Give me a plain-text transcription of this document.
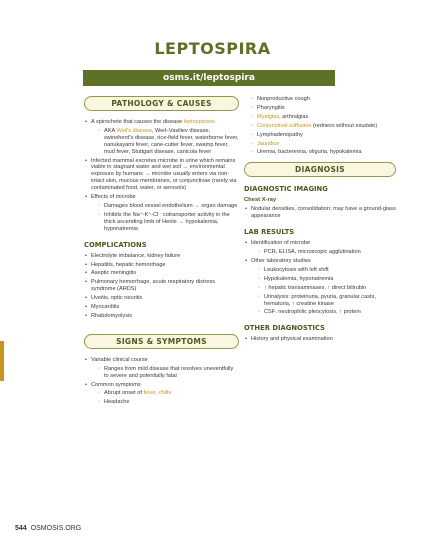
LEPTOSPIRA
osms.it/leptospira
PATHOLOGY & CAUSES
• A spirochete that causes the disease leptospirosis
◦ AKA Weil's disease, Weil–Vasiliev disease, swineherd's disease, rice-field fever, waterborne fever, nanukayami fever, cane-cutter fever, swamp fever, mud fever, Stuttgart disease, canicola fever
• Infected mammal excretes microbe in urine which remains viable in stagnant water and wet soil → environmental exposure by humans → microbe usually enters via non-intact skin, mucous membranes, or conjunctivae (rarely via contaminated food, water, or aerosols)
• Effects of microbe
◦ Damages blood vessel endothelium → organ damage
◦ Inhibits the Na⁺-K⁺-Cl⁻ cotransporter activity in the thick ascending limb of Henle → hypokalemia, hyponatremia
COMPLICATIONS
• Electrolyte imbalance, kidney failure
• Hepatitis, hepatic hemorrhage
• Aseptic meningitis
• Pulmonary hemorrhage, acute respiratory distress syndrome (ARDS)
• Uveitis, optic neuritis
• Myocarditis
• Rhabdomyolysis
SIGNS & SYMPTOMS
• Variable clinical course
◦ Ranges from mild disease that resolves uneventfully to severe and potentially fatal
• Common symptoms
◦ Abrupt onset of fever, chills
◦ Headache
◦ Nonproductive cough
◦ Pharyngitis
◦ Myalgias, arthralgias
◦ Conjunctival suffusion (redness without exudate)
◦ Lymphadenopathy
◦ Jaundice
◦ Uremia, bacteremia, oliguria, hypokalemia
DIAGNOSIS
DIAGNOSTIC IMAGING
Chest X-ray
• Nodular densities, consolidation; may have a ground-glass appearance
LAB RESULTS
• Identification of microbe
◦ PCR, ELISA, microscopic agglutination
• Other laboratory studies
◦ Leukocytosis with left shift
◦ Hypokalemia, hyponatremia
◦ ↑ hepatic transaminases, ↑ direct bilirubin
◦ Urinalysis: proteinuria, pyuria, granular casts, hematuria, ↑ creatine kinase
◦ CSF: neutrophilic pleocytosis, ↑ protein
OTHER DIAGNOSTICS
• History and physical examination
544 OSMOSIS.ORG
